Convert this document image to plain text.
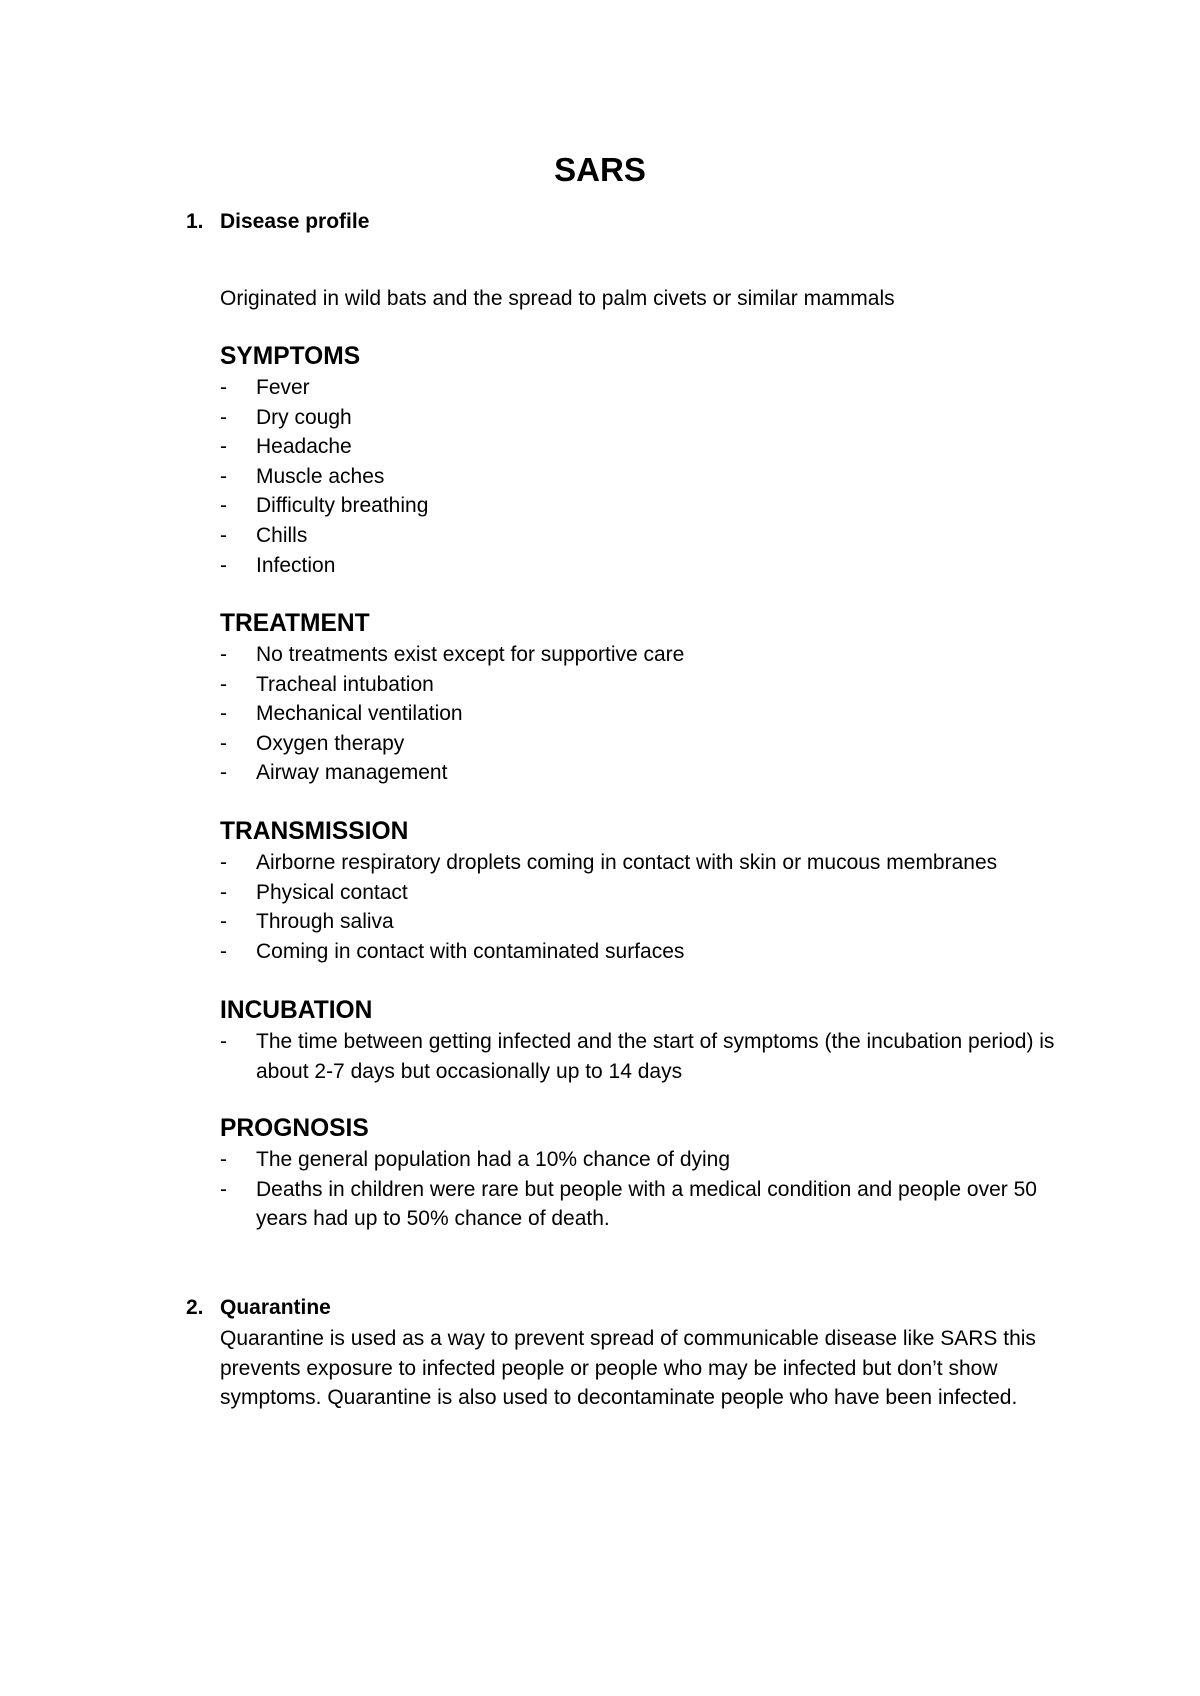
SARS
1. Disease profile

Originated in wild bats and the spread to palm civets or similar mammals

SYMPTOMS
- Fever
- Dry cough
- Headache
- Muscle aches
- Difficulty breathing
- Chills
- Infection
TREATMENT
- No treatments exist except for supportive care
- Tracheal intubation
- Mechanical ventilation
- Oxygen therapy
- Airway management
TRANSMISSION
- Airborne respiratory droplets coming in contact with skin or mucous membranes
- Physical contact
- Through saliva
- Coming in contact with contaminated surfaces
INCUBATION
- The time between getting infected and the start of symptoms (the incubation period) is about 2-7 days but occasionally up to 14 days
PROGNOSIS
- The general population had a 10% chance of dying
- Deaths in children were rare but people with a medical condition and people over 50 years had up to 50% chance of death.
2. Quarantine

Quarantine is used as a way to prevent spread of communicable disease like SARS this prevents exposure to infected people or people who may be infected but don’t show symptoms. Quarantine is also used to decontaminate people who have been infected.
